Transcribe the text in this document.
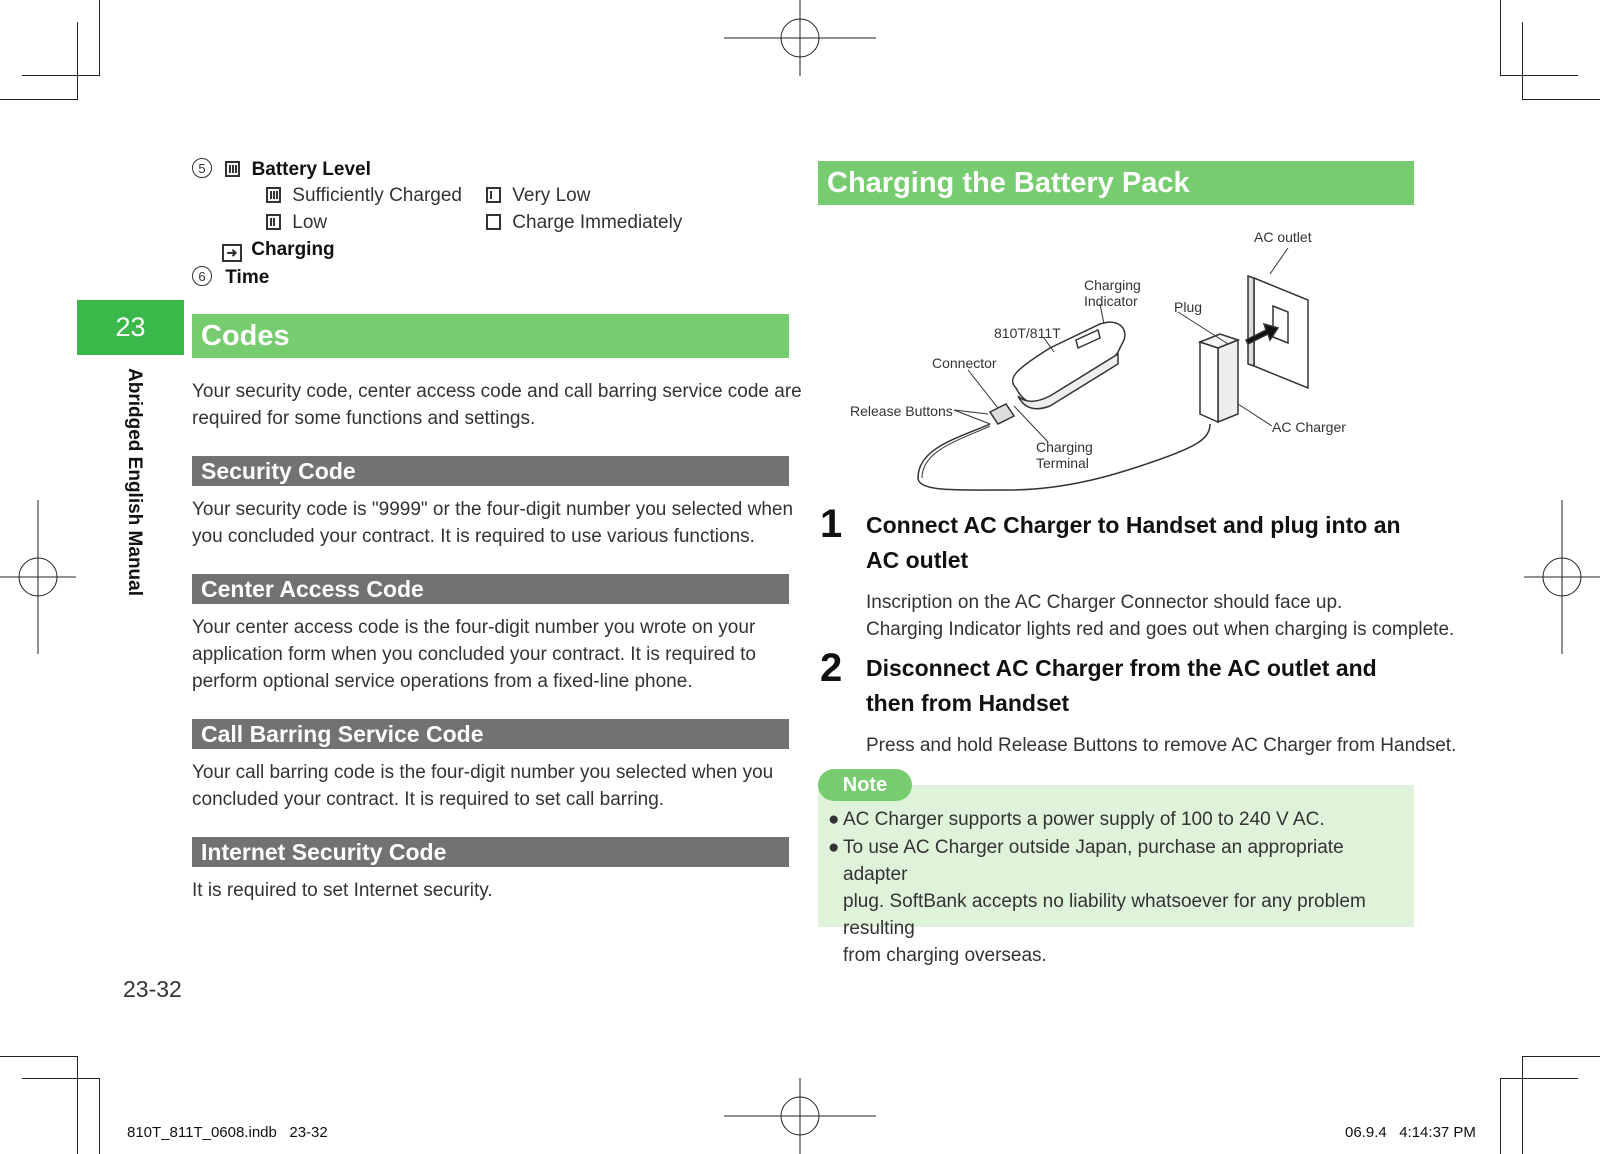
5 Battery Level
Sufficiently Charged	Very Low
Low	Charge Immediately
➜ Charging
6 Time
23
Abridged English Manual
Codes
Your security code, center access code and call barring service code are
required for some functions and settings.
Security Code
Your security code is "9999" or the four-digit number you selected when
you concluded your contract. It is required to use various functions.
Center Access Code
Your center access code is the four-digit number you wrote on your
application form when you concluded your contract. It is required to
perform optional service operations from a fixed-line phone.
Call Barring Service Code
Your call barring code is the four-digit number you selected when you
concluded your contract. It is required to set call barring.
Internet Security Code
It is required to set Internet security.
Charging the Battery Pack
AC outlet
Charging
Indicator	Plug
810T/811T
Connector
Release Buttons
AC Charger
Charging
Terminal
1 Connect AC Charger to Handset and plug into an
AC outlet
Inscription on the AC Charger Connector should face up.
Charging Indicator lights red and goes out when charging is complete.
2 Disconnect AC Charger from the AC outlet and
then from Handset
Press and hold Release Buttons to remove AC Charger from Handset.
Note
● AC Charger supports a power supply of 100 to 240 V AC.
● To use AC Charger outside Japan, purchase an appropriate adapter
plug. SoftBank accepts no liability whatsoever for any problem resulting
from charging overseas.
23-32
810T_811T_0608.indb   23-32	06.9.4   4:14:37 PM
